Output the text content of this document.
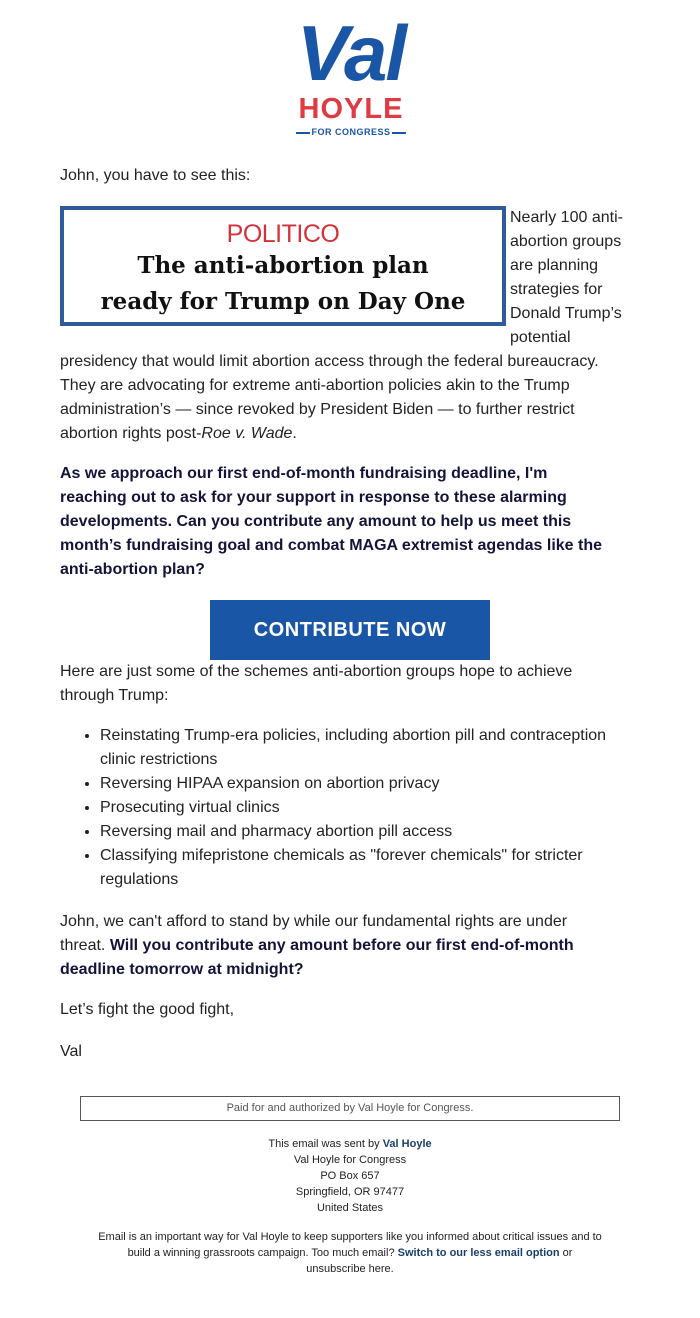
Val
HOYLE
FOR CONGRESS
John, you have to see this:
POLITICO
The anti-abortion plan
ready for Trump on Day One
Nearly 100 anti-
abortion groups
are planning
strategies for
Donald Trump’s
potential
presidency that would limit abortion access through the federal bureaucracy.
They are advocating for extreme anti-abortion policies akin to the Trump
administration’s — since revoked by President Biden — to further restrict
abortion rights post-Roe v. Wade.
As we approach our first end-of-month fundraising deadline, I'm
reaching out to ask for your support in response to these alarming
developments. Can you contribute any amount to help us meet this
month’s fundraising goal and combat MAGA extremist agendas like the
anti-abortion plan?
CONTRIBUTE NOW
Here are just some of the schemes anti-abortion groups hope to achieve
through Trump:
• Reinstating Trump-era policies, including abortion pill and contraception
clinic restrictions
• Reversing HIPAA expansion on abortion privacy
• Prosecuting virtual clinics
• Reversing mail and pharmacy abortion pill access
• Classifying mifepristone chemicals as "forever chemicals" for stricter
regulations
John, we can't afford to stand by while our fundamental rights are under
threat. Will you contribute any amount before our first end-of-month
deadline tomorrow at midnight?
Let’s fight the good fight,
Val
Paid for and authorized by Val Hoyle for Congress.
This email was sent by Val Hoyle
Val Hoyle for Congress
PO Box 657
Springfield, OR 97477
United States
Email is an important way for Val Hoyle to keep supporters like you informed about critical issues and to
build a winning grassroots campaign. Too much email? Switch to our less email option or
unsubscribe here.
